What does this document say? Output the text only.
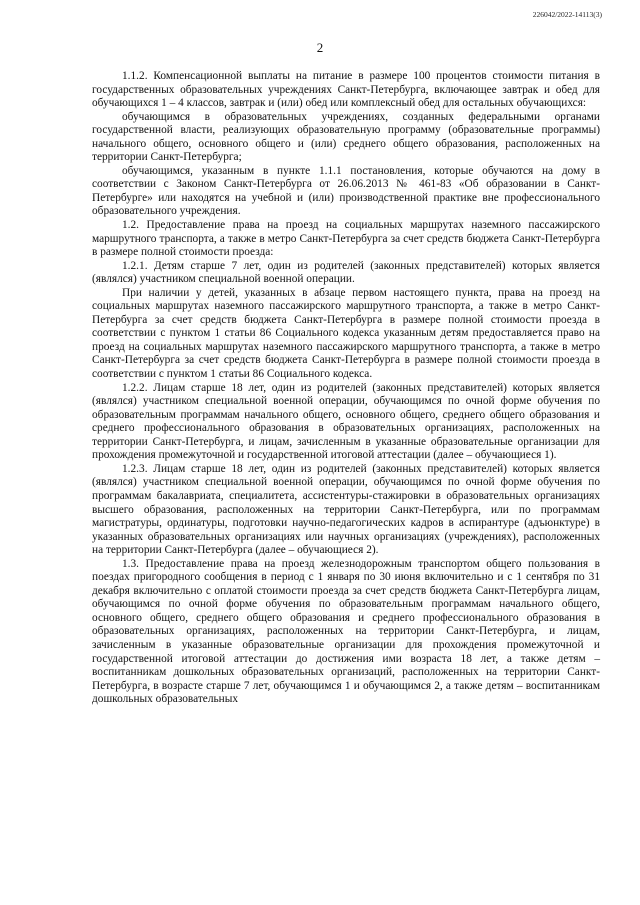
226042/2022-14113(3)
2

1.1.2. Компенсационной выплаты на питание в размере 100 процентов стоимости питания в государственных образовательных учреждениях Санкт-Петербурга, включающее завтрак и обед для обучающихся 1 – 4 классов, завтрак и (или) обед или комплексный обед для остальных обучающихся:

обучающимся в образовательных учреждениях, созданных федеральными органами государственной власти, реализующих образовательную программу (образовательные программы) начального общего, основного общего и (или) среднего общего образования, расположенных на территории Санкт-Петербурга;

обучающимся, указанным в пункте 1.1.1 постановления, которые обучаются на дому в соответствии с Законом Санкт-Петербурга от 26.06.2013 № 461-83 «Об образовании в Санкт-Петербурге» или находятся на учебной и (или) производственной практике вне профессионального образовательного учреждения.

1.2. Предоставление права на проезд на социальных маршрутах наземного пассажирского маршрутного транспорта, а также в метро Санкт-Петербурга за счет средств бюджета Санкт-Петербурга в размере полной стоимости проезда:

1.2.1. Детям старше 7 лет, один из родителей (законных представителей) которых является (являлся) участником специальной военной операции.

При наличии у детей, указанных в абзаце первом настоящего пункта, права на проезд на социальных маршрутах наземного пассажирского маршрутного транспорта, а также в метро Санкт-Петербурга за счет средств бюджета Санкт-Петербурга в размере полной стоимости проезда в соответствии с пунктом 1 статьи 86 Социального кодекса указанным детям предоставляется право на проезд на социальных маршрутах наземного пассажирского маршрутного транспорта, а также в метро Санкт-Петербурга за счет средств бюджета Санкт-Петербурга в размере полной стоимости проезда в соответствии с пунктом 1 статьи 86 Социального кодекса.

1.2.2. Лицам старше 18 лет, один из родителей (законных представителей) которых является (являлся) участником специальной военной операции, обучающимся по очной форме обучения по образовательным программам начального общего, основного общего, среднего общего образования и среднего профессионального образования в образовательных организациях, расположенных на территории Санкт-Петербурга, и лицам, зачисленным в указанные образовательные организации для прохождения промежуточной и государственной итоговой аттестации (далее – обучающиеся 1).

1.2.3. Лицам старше 18 лет, один из родителей (законных представителей) которых является (являлся) участником специальной военной операции, обучающимся по очной форме обучения по программам бакалавриата, специалитета, ассистентуры-стажировки в образовательных организациях высшего образования, расположенных на территории Санкт-Петербурга, или по программам магистратуры, ординатуры, подготовки научно-педагогических кадров в аспирантуре (адъюнктуре) в указанных образовательных организациях или научных организациях (учреждениях), расположенных на территории Санкт-Петербурга (далее – обучающиеся 2).

1.3. Предоставление права на проезд железнодорожным транспортом общего пользования в поездах пригородного сообщения в период с 1 января по 30 июня включительно и с 1 сентября по 31 декабря включительно с оплатой стоимости проезда за счет средств бюджета Санкт-Петербурга лицам, обучающимся по очной форме обучения по образовательным программам начального общего, основного общего, среднего общего образования и среднего профессионального образования в образовательных организациях, расположенных на территории Санкт-Петербурга, и лицам, зачисленным в указанные образовательные организации для прохождения промежуточной и государственной итоговой аттестации до достижения ими возраста 18 лет, а также детям – воспитанникам дошкольных образовательных организаций, расположенных на территории Санкт-Петербурга, в возрасте старше 7 лет, обучающимся 1 и обучающимся 2, а также детям – воспитанникам дошкольных образовательных
